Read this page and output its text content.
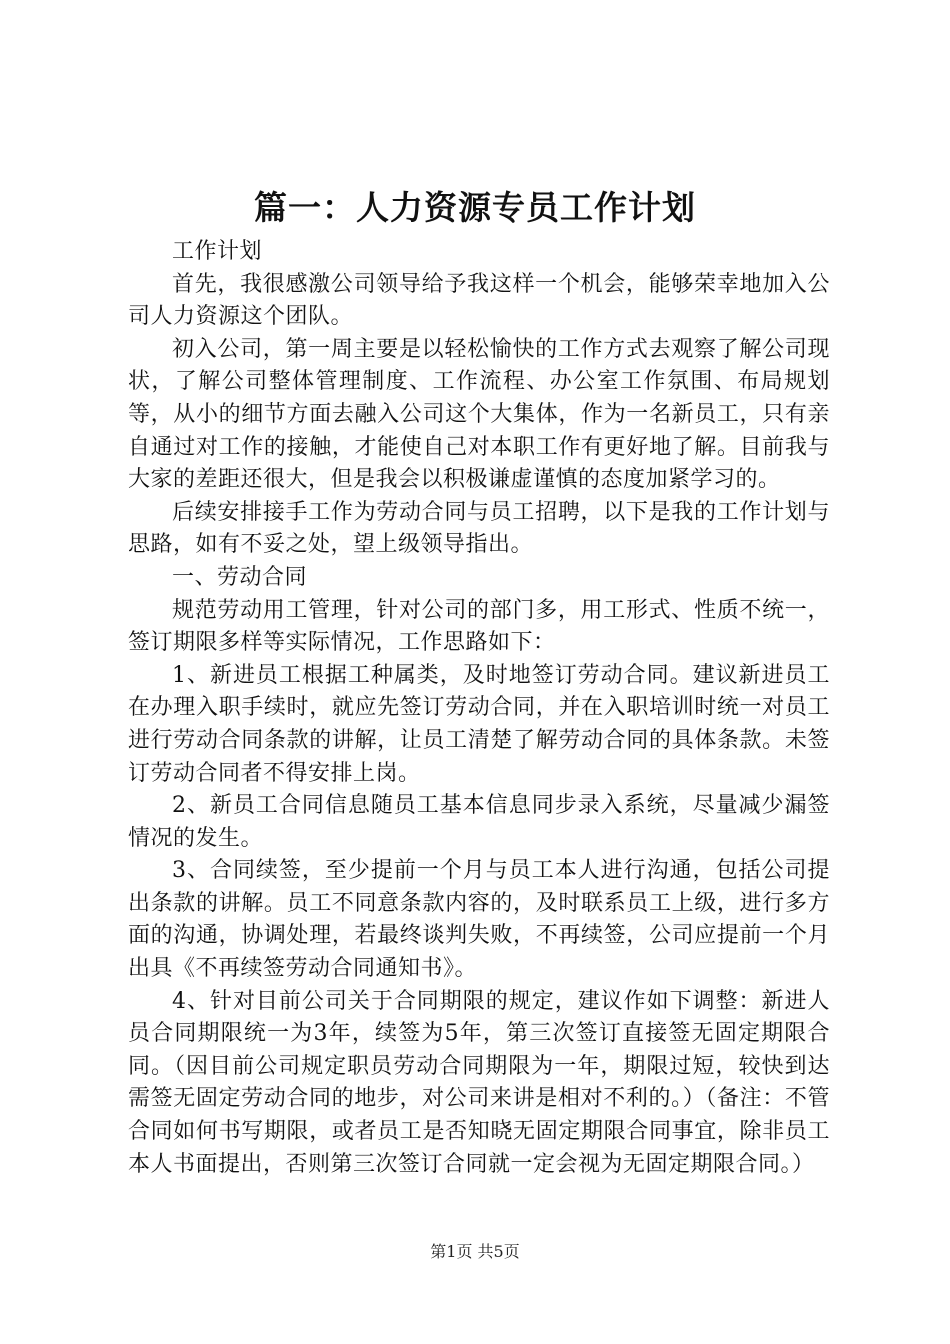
篇一：人力资源专员工作计划

工作计划

首先，我很感激公司领导给予我这样一个机会，能够荣幸地加入公司人力资源这个团队。

初入公司，第一周主要是以轻松愉快的工作方式去观察了解公司现状，了解公司整体管理制度、工作流程、办公室工作氛围、布局规划等，从小的细节方面去融入公司这个大集体，作为一名新员工，只有亲自通过对工作的接触，才能使自己对本职工作有更好地了解。目前我与大家的差距还很大，但是我会以积极谦虚谨慎的态度加紧学习的。

后续安排接手工作为劳动合同与员工招聘，以下是我的工作计划与思路，如有不妥之处，望上级领导指出。

一、劳动合同

规范劳动用工管理，针对公司的部门多，用工形式、性质不统一，签订期限多样等实际情况，工作思路如下：

1、新进员工根据工种属类，及时地签订劳动合同。建议新进员工在办理入职手续时，就应先签订劳动合同，并在入职培训时统一对员工进行劳动合同条款的讲解，让员工清楚了解劳动合同的具体条款。未签订劳动合同者不得安排上岗。

2、新员工合同信息随员工基本信息同步录入系统，尽量减少漏签情况的发生。

3、合同续签，至少提前一个月与员工本人进行沟通，包括公司提出条款的讲解。员工不同意条款内容的，及时联系员工上级，进行多方面的沟通，协调处理，若最终谈判失败，不再续签，公司应提前一个月出具《不再续签劳动合同通知书》。

4、针对目前公司关于合同期限的规定，建议作如下调整：新进人员合同期限统一为3年，续签为5年，第三次签订直接签无固定期限合同。（因目前公司规定职员劳动合同期限为一年，期限过短，较快到达需签无固定劳动合同的地步，对公司来讲是相对不利的。）（备注：不管合同如何书写期限，或者员工是否知晓无固定期限合同事宜，除非员工本人书面提出，否则第三次签订合同就一定会视为无固定期限合同。）

第1页 共5页
